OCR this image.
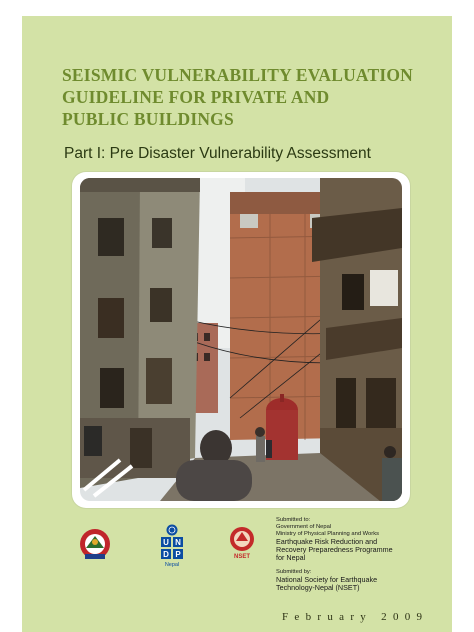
SEISMIC VULNERABILITY EVALUATION
GUIDELINE FOR PRIVATE AND
PUBLIC BUILDINGS
Part I: Pre Disaster Vulnerability Assessment
U N
D P
Nepal
NSET
Submitted to:
Government of Nepal
Ministry of Physical Planning and Works
Earthquake Risk Reduction and
Recovery Preparedness Programme
for Nepal
Submitted by:
National Society for Earthquake
Technology-Nepal (NSET)
February 2009
